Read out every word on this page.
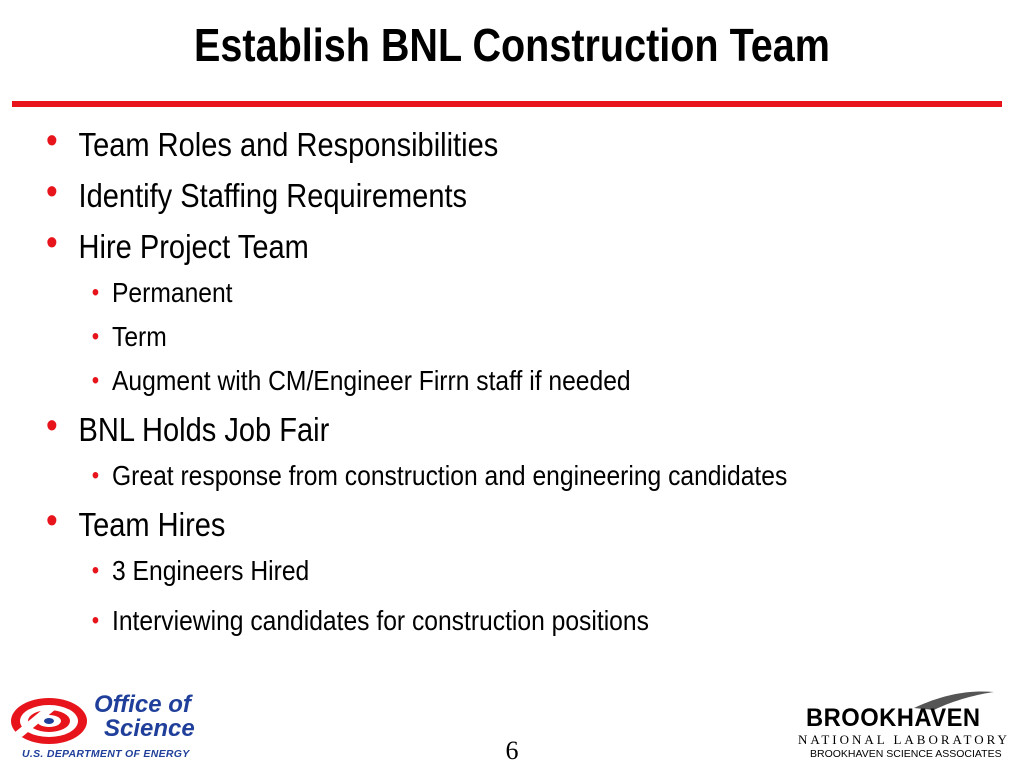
Establish BNL Construction Team
• Team Roles and Responsibilities
• Identify Staffing Requirements
• Hire Project Team
• Permanent
• Term
• Augment with CM/Engineer Firrn staff if needed
• BNL Holds Job Fair
• Great response from construction and engineering candidates
• Team Hires
• 3 Engineers Hired
• Interviewing candidates for construction positions
Office of
Science
U.S. DEPARTMENT OF ENERGY	6
BROOKHAVEN
NATIONAL LABORATORY
BROOKHAVEN SCIENCE ASSOCIATES
